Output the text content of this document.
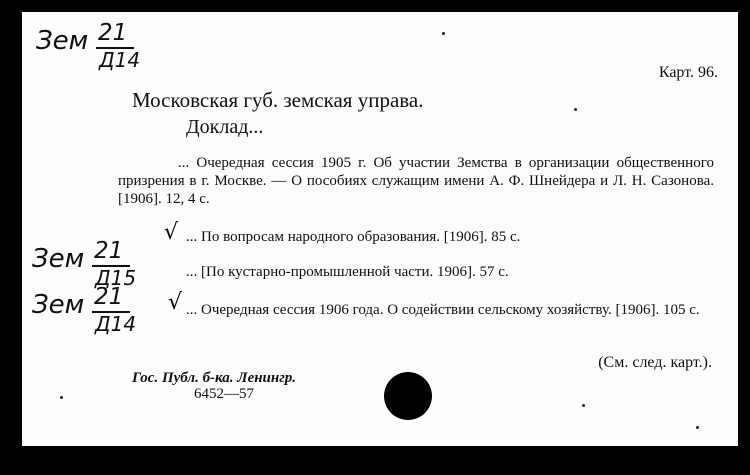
Зем 21
Д14
Зем 21
Д15
Зем 21
Д14
Карт. 96.
Московская губ. земская управа.
Доклад...
... Очередная сессия 1905 г. Об участии Земства в организации общественного призрения в г. Москве. — О пособиях служащим имени А. Ф. Шнейдера и Л. Н. Сазонова. [1906]. 12, 4 с.
√ ... По вопросам народного образования. [1906]. 85 с.
... [По кустарно-промышленной части. 1906]. 57 с.
√ ... Очередная сессия 1906 года. О содействии сельскому хозяйству. [1906]. 105 с.
(См. след. карт.).
Гос. Публ. б-ка. Ленингр.
6452—57
